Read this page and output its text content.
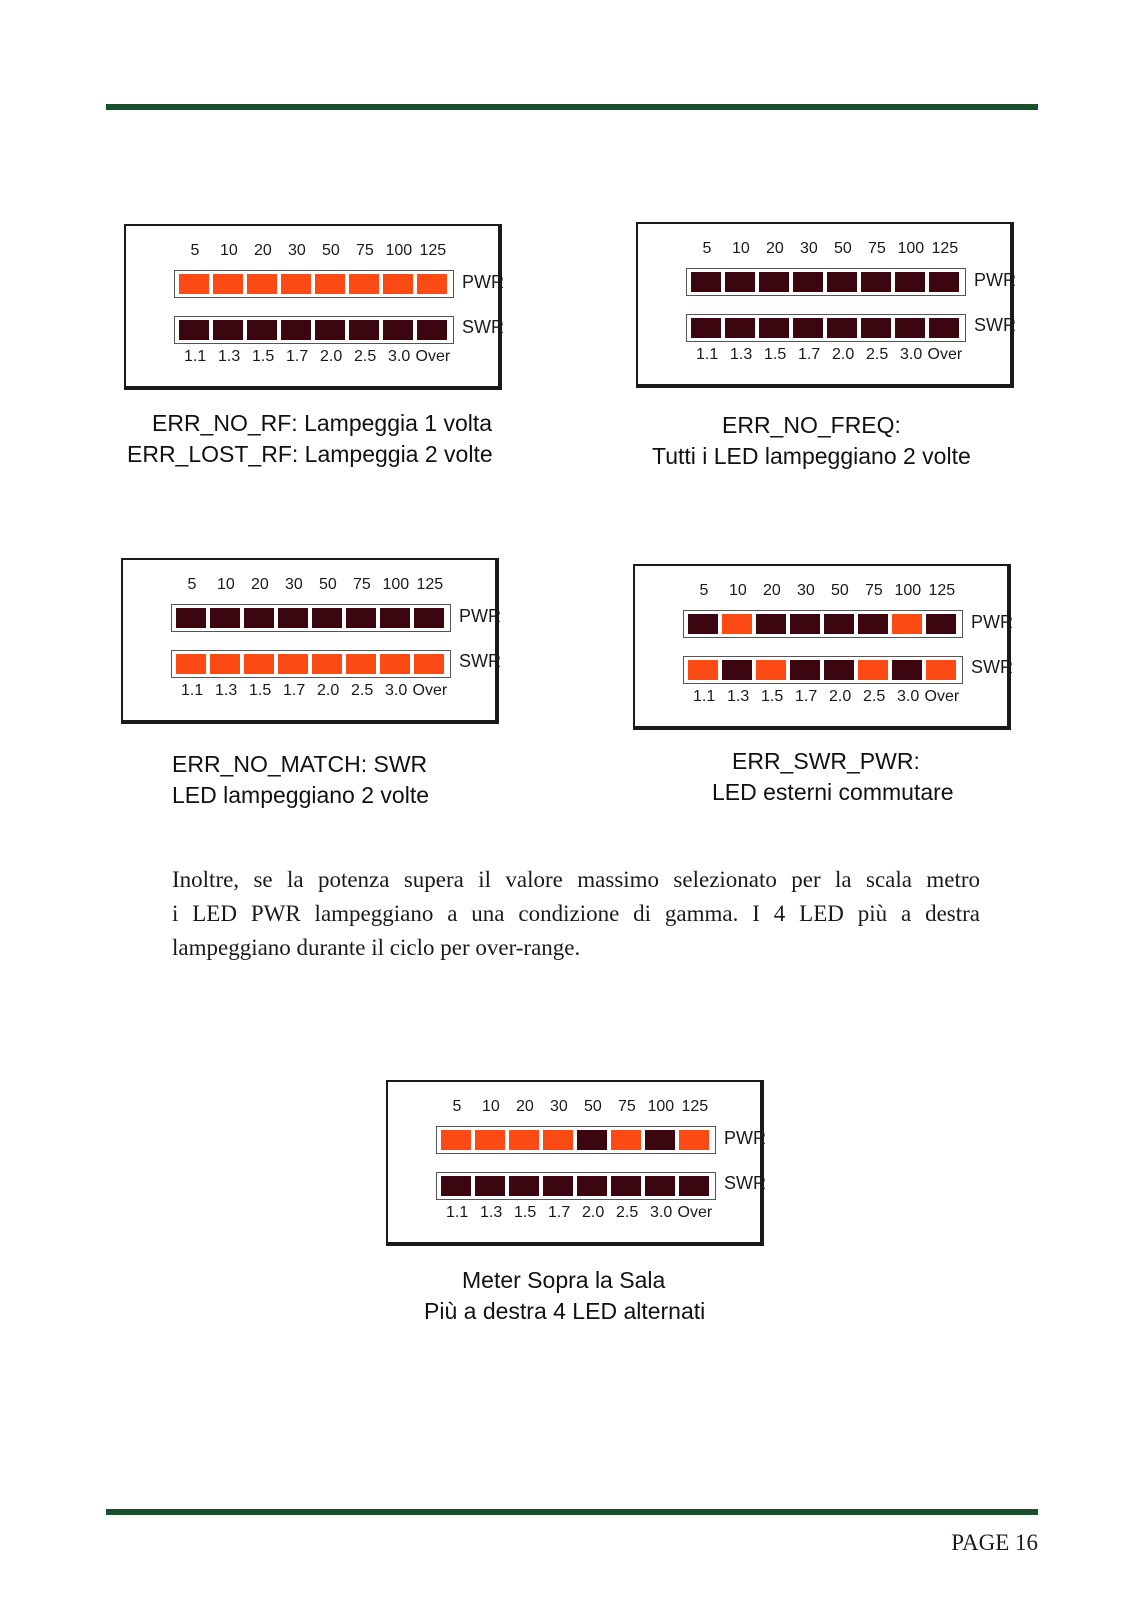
5 10 20 30 50 75 100 125
PWR
SWR
1.1 1.3 1.5 1.7 2.0 2.5 3.0 Over
ERR_NO_RF: Lampeggia 1 volta
ERR_LOST_RF: Lampeggia 2 volte
5 10 20 30 50 75 100 125
PWR
SWR
1.1 1.3 1.5 1.7 2.0 2.5 3.0 Over
ERR_NO_FREQ:
Tutti i LED lampeggiano 2 volte
5 10 20 30 50 75 100 125
PWR
SWR
1.1 1.3 1.5 1.7 2.0 2.5 3.0 Over
ERR_NO_MATCH: SWR
LED lampeggiano 2 volte
5 10 20 30 50 75 100 125
PWR
SWR
1.1 1.3 1.5 1.7 2.0 2.5 3.0 Over
ERR_SWR_PWR:
LED esterni commutare

Inoltre, se la potenza supera il valore massimo selezionato per la scala metro

i LED PWR lampeggiano a una condizione di gamma. I 4 LED più a destra

lampeggiano durante il ciclo per over-range.

5 10 20 30 50 75 100 125
PWR
SWR
1.1 1.3 1.5 1.7 2.0 2.5 3.0 Over
Meter Sopra la Sala
Più a destra 4 LED alternati
PAGE 16
